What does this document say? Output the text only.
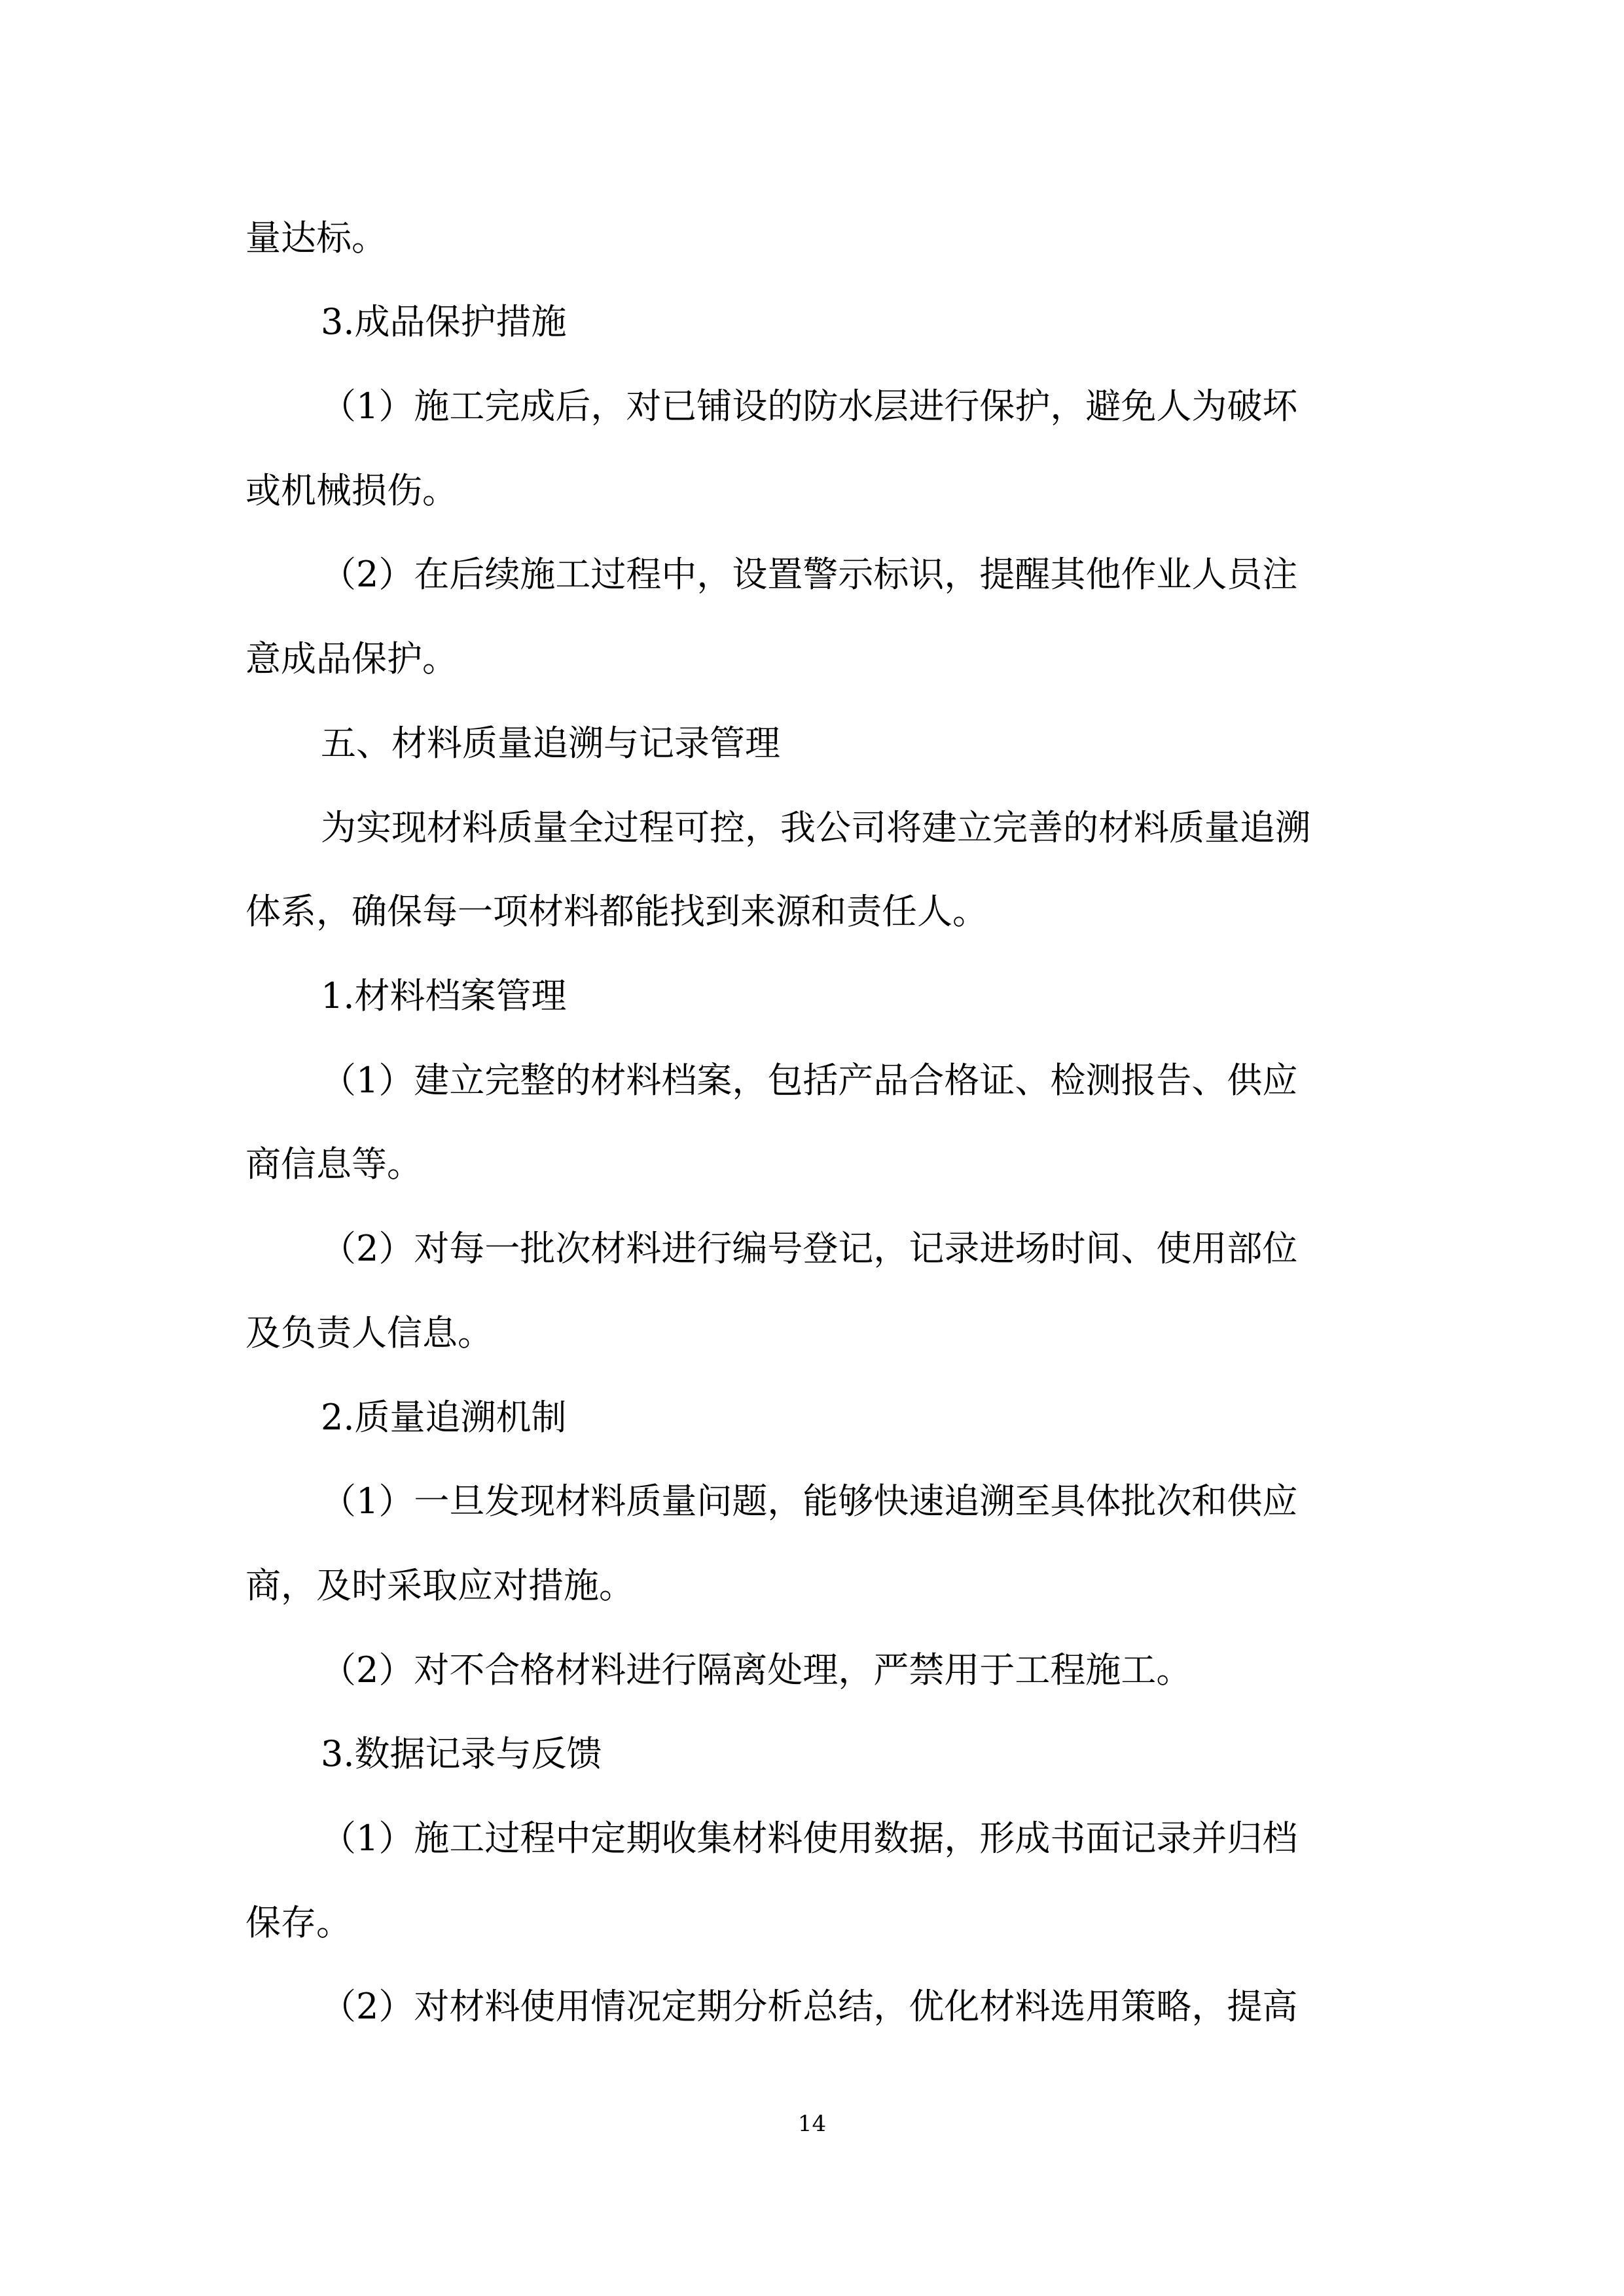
量达标。
3.成品保护措施
（1）施工完成后，对已铺设的防水层进行保护，避免人为破坏
或机械损伤。
（2）在后续施工过程中，设置警示标识，提醒其他作业人员注
意成品保护。
五、材料质量追溯与记录管理
为实现材料质量全过程可控，我公司将建立完善的材料质量追溯
体系，确保每一项材料都能找到来源和责任人。
1.材料档案管理
（1）建立完整的材料档案，包括产品合格证、检测报告、供应
商信息等。
（2）对每一批次材料进行编号登记，记录进场时间、使用部位
及负责人信息。
2.质量追溯机制
（1）一旦发现材料质量问题，能够快速追溯至具体批次和供应
商，及时采取应对措施。
（2）对不合格材料进行隔离处理，严禁用于工程施工。
3.数据记录与反馈
（1）施工过程中定期收集材料使用数据，形成书面记录并归档
保存。
（2）对材料使用情况定期分析总结，优化材料选用策略，提高
14
